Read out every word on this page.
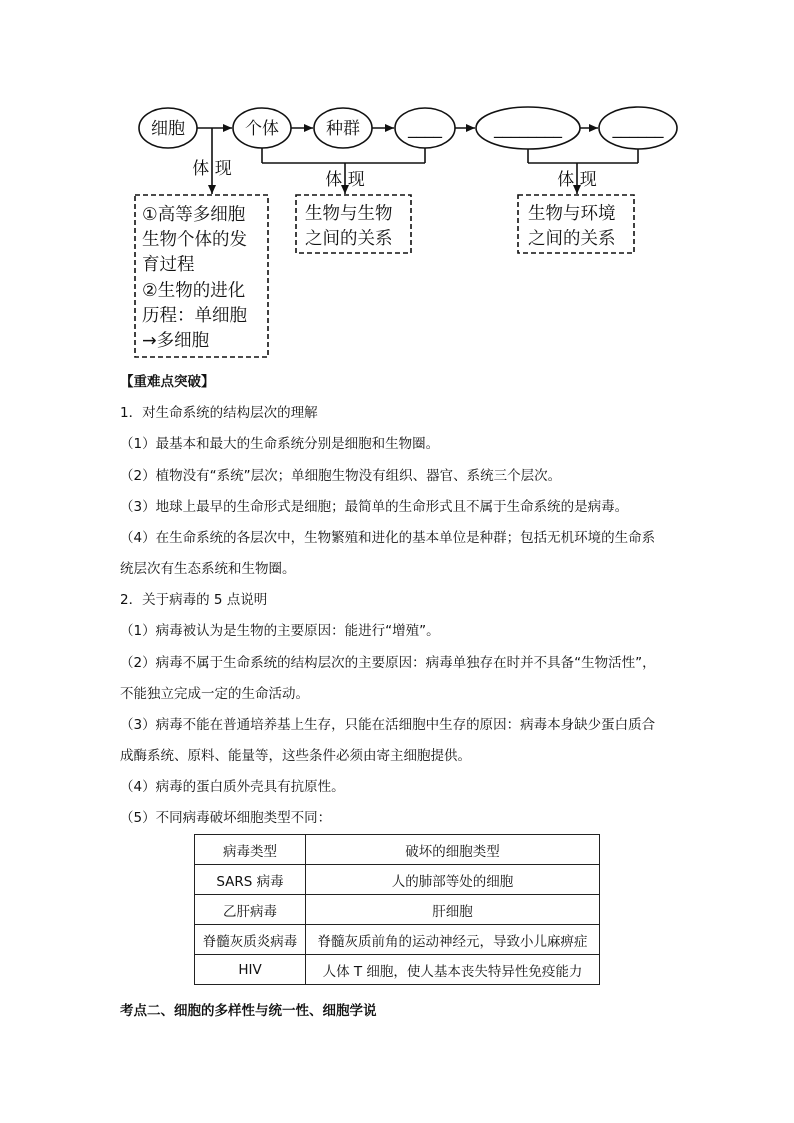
细胞	个体	种群	____	________	______
体 现
体 现	体 现
①高等多细胞
生物个体的发
育过程
②生物的进化
历程：单细胞
→多细胞
生物与生物
之间的关系
生物与环境
之间的关系
【重难点突破】
1．对生命系统的结构层次的理解
（1）最基本和最大的生命系统分别是细胞和生物圈。
（2）植物没有“系统”层次；单细胞生物没有组织、器官、系统三个层次。
（3）地球上最早的生命形式是细胞；最简单的生命形式且不属于生命系统的是病毒。
（4）在生命系统的各层次中，生物繁殖和进化的基本单位是种群；包括无机环境的生命系
统层次有生态系统和生物圈。
2．关于病毒的 5 点说明
（1）病毒被认为是生物的主要原因：能进行“增殖”。
（2）病毒不属于生命系统的结构层次的主要原因：病毒单独存在时并不具备“生物活性”，
不能独立完成一定的生命活动。
（3）病毒不能在普通培养基上生存，只能在活细胞中生存的原因：病毒本身缺少蛋白质合
成酶系统、原料、能量等，这些条件必须由寄主细胞提供。
（4）病毒的蛋白质外壳具有抗原性。
（5）不同病毒破坏细胞类型不同：
病毒类型	破坏的细胞类型
SARS 病毒	人的肺部等处的细胞
乙肝病毒	肝细胞
脊髓灰质炎病毒	脊髓灰质前角的运动神经元，导致小儿麻痹症
HIV	人体 T 细胞，使人基本丧失特异性免疫能力
考点二、细胞的多样性与统一性、细胞学说
